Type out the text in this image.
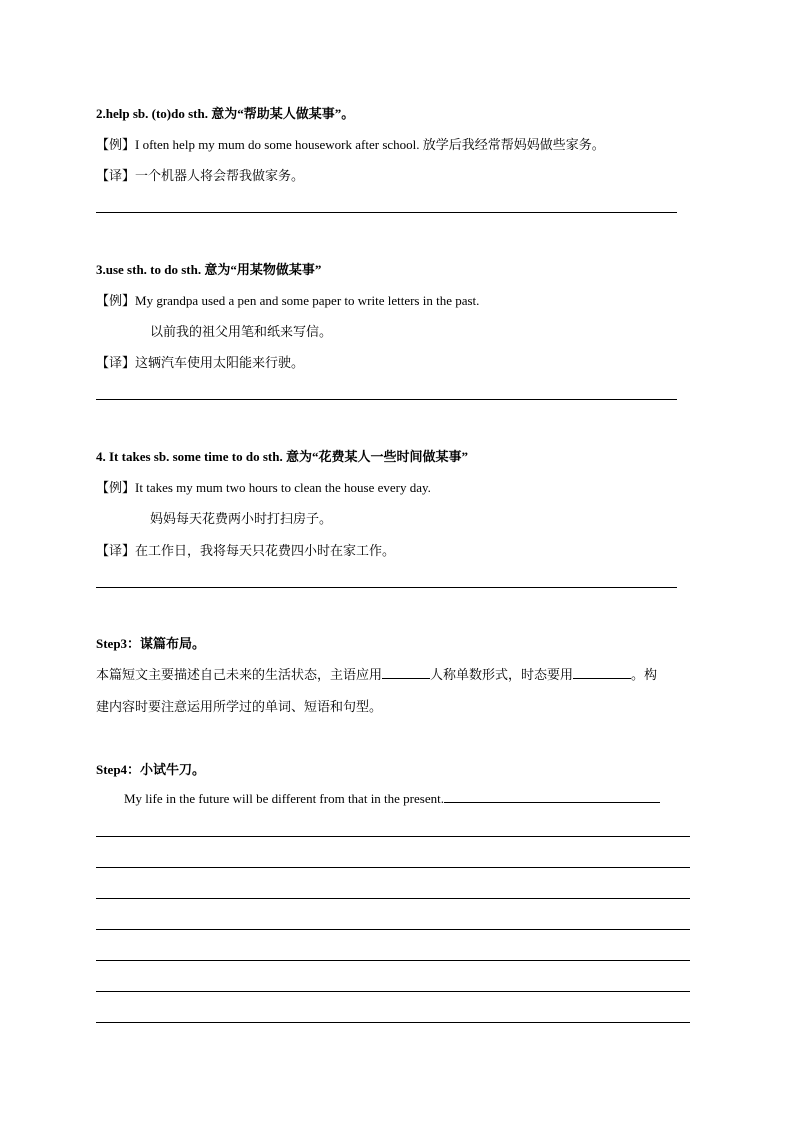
2.help sb. (to)do sth. 意为“帮助某人做某事”。
【例】I often help my mum do some housework after school. 放学后我经常帮妈妈做些家务。
【译】一个机器人将会帮我做家务。
3.use sth. to do sth. 意为“用某物做某事”
【例】My grandpa used a pen and some paper to write letters in the past.
以前我的祖父用笔和纸来写信。
【译】这辆汽车使用太阳能来行驶。
4. It takes sb. some time to do sth. 意为“花费某人一些时间做某事”
【例】It takes my mum two hours to clean the house every day.
妈妈每天花费两小时打扫房子。
【译】在工作日，我将每天只花费四小时在家工作。
Step3：谋篇布局。
本篇短文主要描述自己未来的生活状态，主语应用	人称单数形式，时态要用	。构
建内容时要注意运用所学过的单词、短语和句型。
Step4：小试牛刀。
My life in the future will be different from that in the present.
